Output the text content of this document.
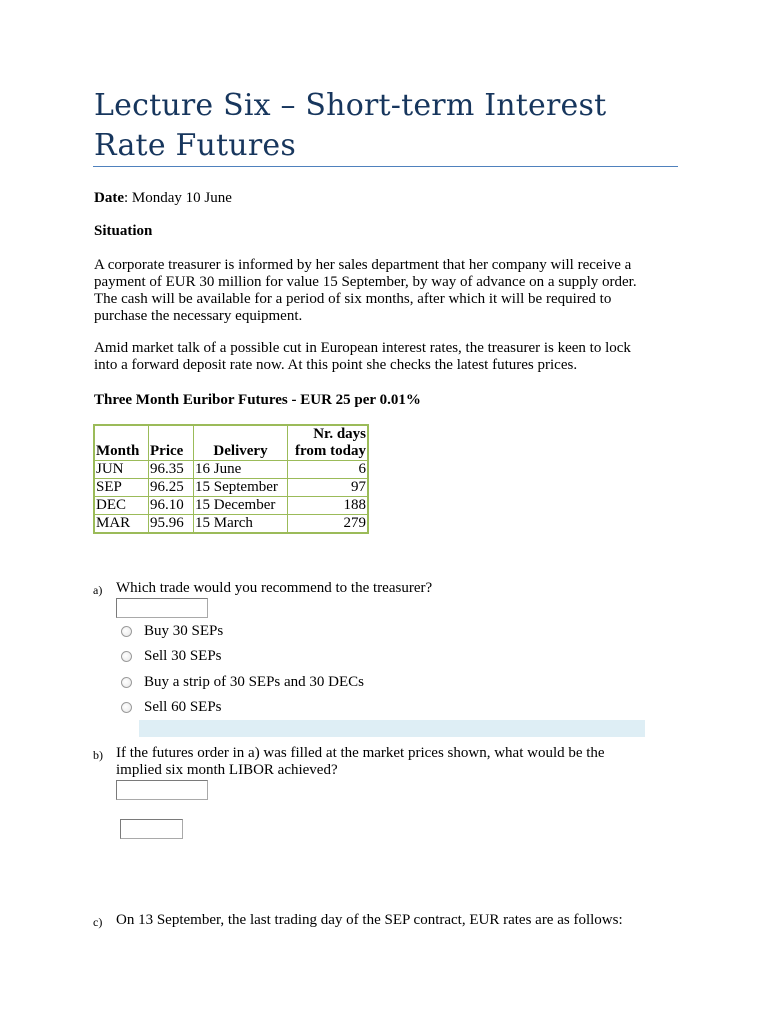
Lecture Six – Short-term Interest Rate Futures
Date: Monday 10 June
Situation
A corporate treasurer is informed by her sales department that her company will receive a payment of EUR 30 million for value 15 September, by way of advance on a supply order. The cash will be available for a period of six months, after which it will be required to purchase the necessary equipment.
Amid market talk of a possible cut in European interest rates, the treasurer is keen to lock into a forward deposit rate now. At this point she checks the latest futures prices.
Three Month Euribor Futures - EUR 25 per 0.01%
Month	Price	Delivery	Nr. days
from today
JUN	96.35	16 June	6
SEP	96.25	15 September	97
DEC	96.10	15 December	188
MAR	95.96	15 March	279
a) Which trade would you recommend to the treasurer?
Buy 30 SEPs
Sell 30 SEPs
Buy a strip of 30 SEPs and 30 DECs
Sell 60 SEPs
b) If the futures order in a) was filled at the market prices shown, what would be the implied six month LIBOR achieved?
c) On 13 September, the last trading day of the SEP contract, EUR rates are as follows:
